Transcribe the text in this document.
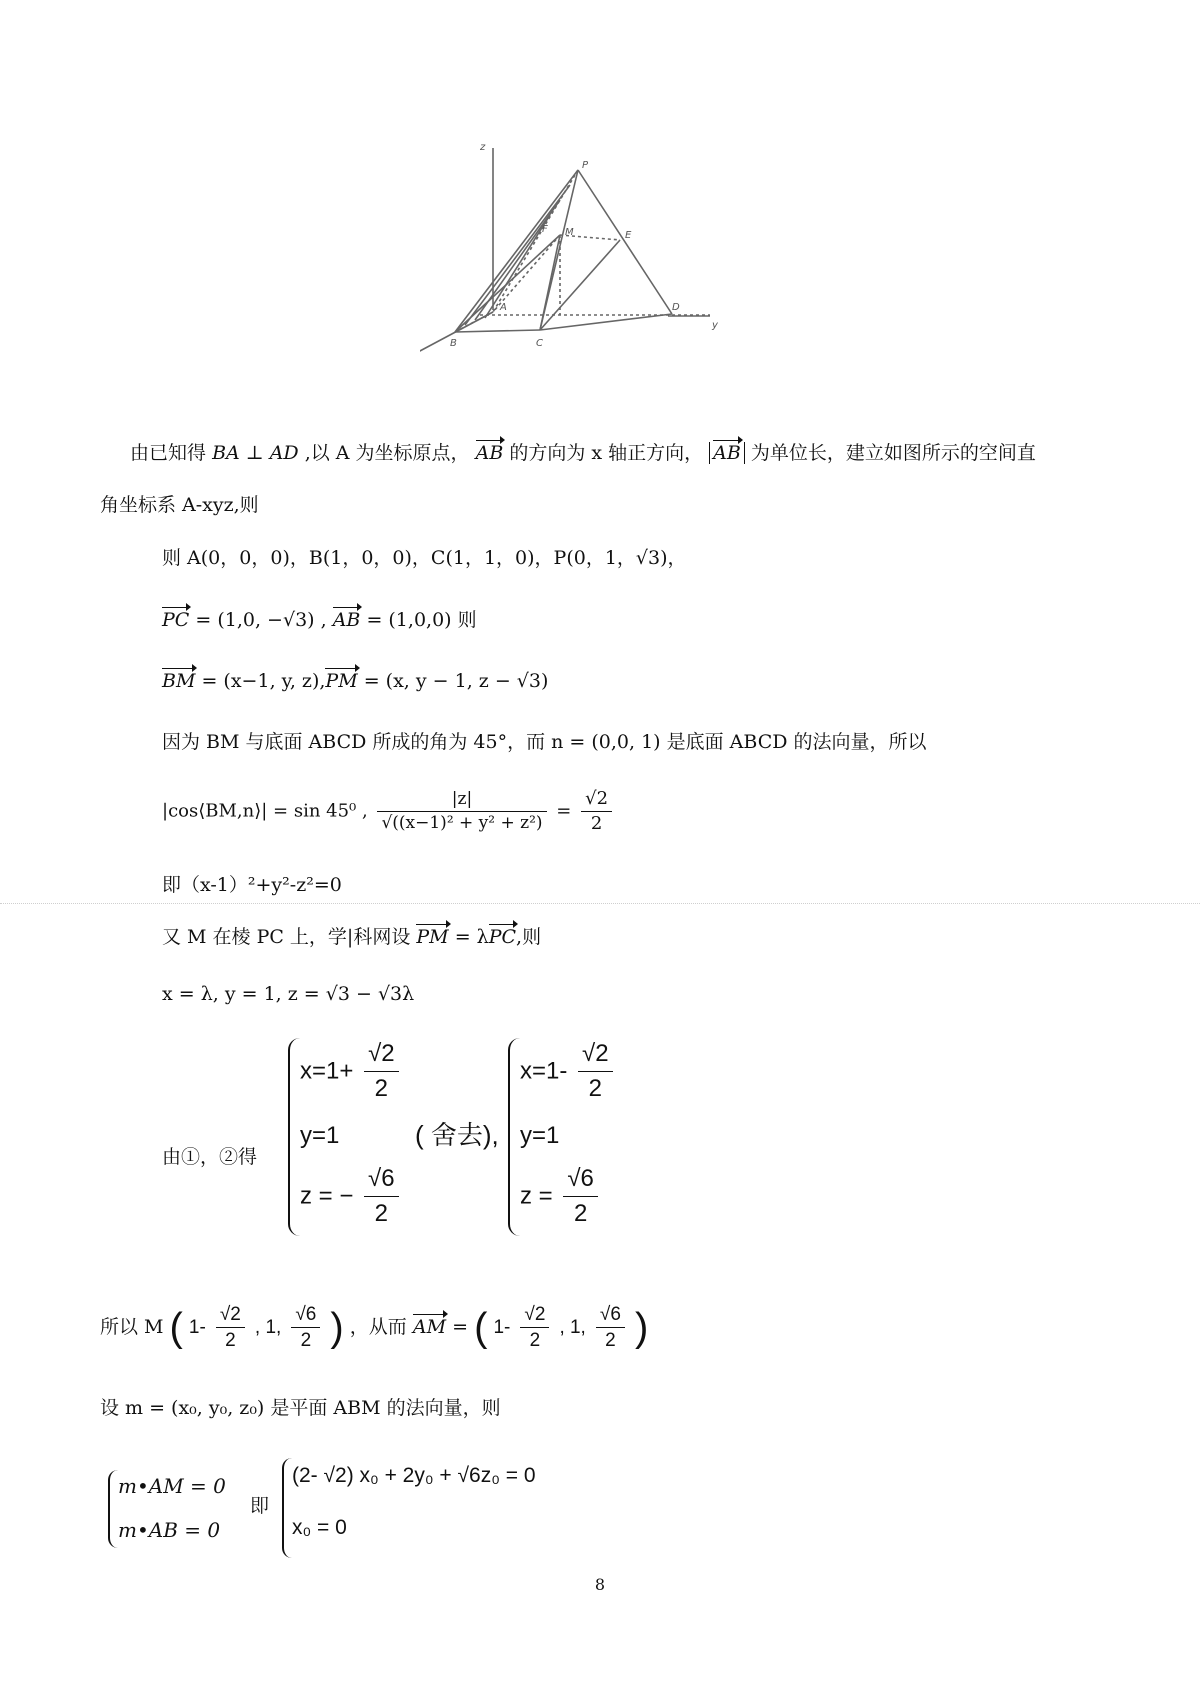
z
P
M	E
F
A
B	C
D
y
由已知得 BA ⊥ AD ,以 A 为坐标原点， AB 的方向为 x 轴正方向， AB 为单位长，建立如图所示的空间直
角坐标系 A-xyz,则
则 A(0，0，0)，B(1，0，0)，C(1，1，0)，P(0，1，√3)，
PC = (1,0, −√3) , AB = (1,0,0) 则
BM = (x−1, y, z),PM = (x, y − 1, z − √3)
因为 BM 与底面 ABCD 所成的角为 45°，而 n = (0,0, 1) 是底面 ABCD 的法向量，所以
|cos⟨BM,n⟩| = sin 45⁰ , $\frac{|z|}{\text{√((x−1)² + y² + z²)}} = \frac{√2}{2}$
即（x-1）²+y²-z²=0
又 M 在棱 PC 上，学|科网设 PM = λPC,则
x = λ, y = 1, z = √3 − √3λ
由①，②得
$x=1+ \frac{√2}{2}$
y=1
z = − $\frac{√6}{2}$
( 舍去),
$x=1- \frac{√2}{2}$
y=1
$z = \frac{√6}{2}$
所以 M ( $1- \frac{√2}{2}$ , 1, $\frac{√6}{2}$ ) ，从而 AM = ( $1- \frac{√2}{2}$ , 1, $\frac{√6}{2}$ )
设 m = (x₀, y₀, z₀) 是平面 ABM 的法向量，则
m•AM = 0
m•AB = 0
即
(2- √2) x₀ + 2y₀ + √6z₀ = 0
x₀ = 0
8
